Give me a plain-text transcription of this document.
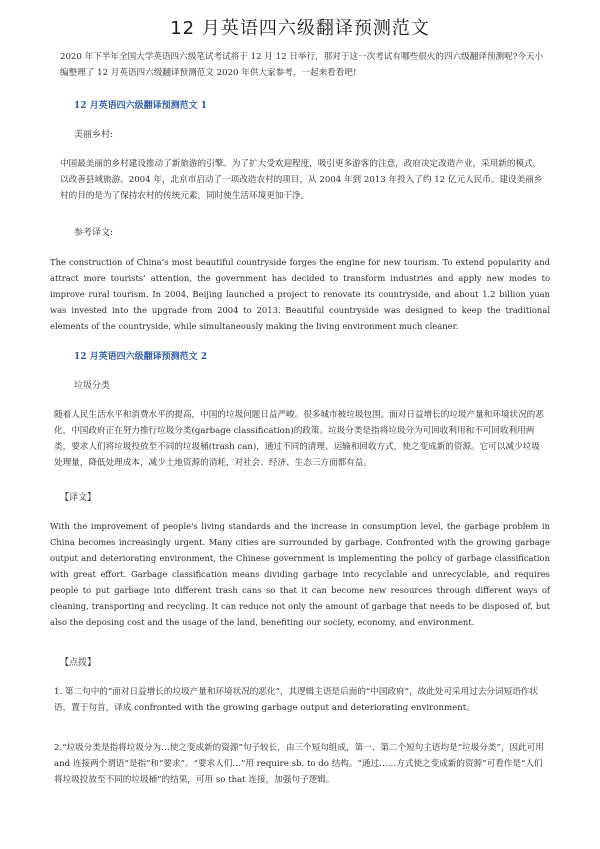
12 月英语四六级翻译预测范文

2020 年下半年全国大学英语四六级笔试考试将于 12 月 12 日举行，那对于这一次考试有哪些很火的四六级翻译预测呢?今天小编整理了 12 月英语四六级翻译预测范文 2020 年供大家参考，一起来看看吧!

12 月英语四六级翻译预测范文 1

美丽乡村:

中国最美丽的乡村建设推动了新旅游的引擎。为了扩大受欢迎程度，吸引更多游客的注意，政府决定改造产业，采用新的模式，以改善县域旅游。2004 年，北京市启动了一项改造农村的项目，从 2004 年到 2013 年投入了约 12 亿元人民币。建设美丽乡村的目的是为了保持农村的传统元素，同时使生活环境更加干净。

参考译文:

The construction of China’s most beautiful countryside forges the engine for new tourism. To extend popularity and attract more tourists’ attention, the government has decided to transform industries and apply new modes to improve rural tourism. In 2004, Beijing launched a project to renovate its countryside, and about 1.2 billion yuan was invested into the upgrade from 2004 to 2013. Beautiful countryside was designed to keep the traditional elements of the countryside, while simultaneously making the living environment much cleaner.

12 月英语四六级翻译预测范文 2

垃圾分类

随着人民生活水平和消费水平的提高，中国的垃圾问题日益严峻。很多城市被垃圾包围。面对日益增长的垃圾产量和环境状况的恶化，中国政府正在努力推行垃圾分类(garbage classification)的政策。垃圾分类是指将垃圾分为可回收利用和不可回收利用两类，要求人们将垃圾投放至不同的垃圾桶(trash can)，通过不同的清理、运输和回收方式，使之变成新的资源。它可以减少垃圾处理量，降低处理成本，减少土地资源的消耗，对社会、经济、生态三方面都有益。

【译文】

With the improvement of people's living standards and the increase in consumption level, the garbage problem in China becomes increasingly urgent. Many cities are surrounded by garbage. Confronted with the growing garbage output and deteriorating environment, the Chinese government is implementing the policy of garbage classification with great effort. Garbage classification means dividing garbage into recyclable and unrecyclable, and requires people to put garbage into different trash cans so that it can become new resources through different ways of cleaning, transporting and recycling. It can reduce not only the amount of garbage that needs to be disposed of, but also the deposing cost and the usage of the land, benefiting our society, economy, and environment.

【点拨】

1. 第二句中的“面对日益增长的垃圾产量和环境状况的恶化”，其逻辑主语是后面的“中国政府”，故此处可采用过去分词短语作状语，置于句首，译成 confronted with the growing garbage output and deteriorating environment。

2.“垃圾分类是指将垃圾分为…使之变成新的资源”句子较长，由三个短句组成，第一、第二个短句主语均是“垃圾分类”，因此可用 and 连接两个谓语“是指”和“要求”。“要求人们…”用 require sb. to do 结构。“通过……方式使之变成新的资源”可看作是“人们将垃圾投放至不同的垃圾桶”的结果，可用 so that 连接，加强句子逻辑。
